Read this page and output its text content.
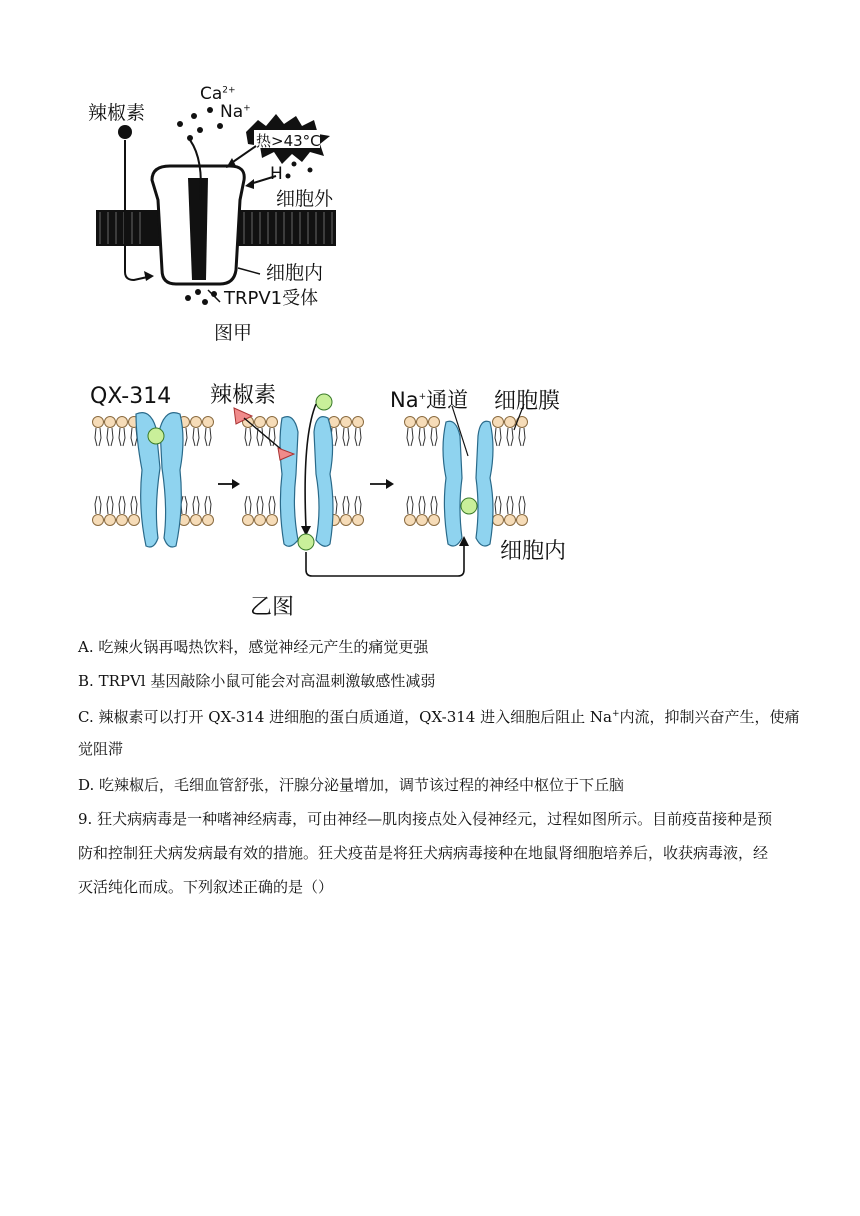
辣椒素
$Ca^{2+}$
Na+
热>43°C
H
细胞外
细胞内
TRPV1受体
图甲
QX-314 辣椒素	Na+通道 细胞膜
细胞内
乙图
A. 吃辣火锅再喝热饮料，感觉神经元产生的痛觉更强
B. TRPVl 基因敲除小鼠可能会对高温刺激敏感性减弱
C. 辣椒素可以打开 QX-314 进细胞的蛋白质通道，QX-314 进入细胞后阻止 Na+内流，抑制兴奋产生，使痛
觉阻滞
D. 吃辣椒后，毛细血管舒张，汗腺分泌量增加，调节该过程的神经中枢位于下丘脑
9. 狂犬病病毒是一种嗜神经病毒，可由神经—肌肉接点处入侵神经元，过程如图所示。目前疫苗接种是预
防和控制狂犬病发病最有效的措施。狂犬疫苗是将狂犬病病毒接种在地鼠肾细胞培养后，收获病毒液，经
灭活纯化而成。下列叙述正确的是（）
